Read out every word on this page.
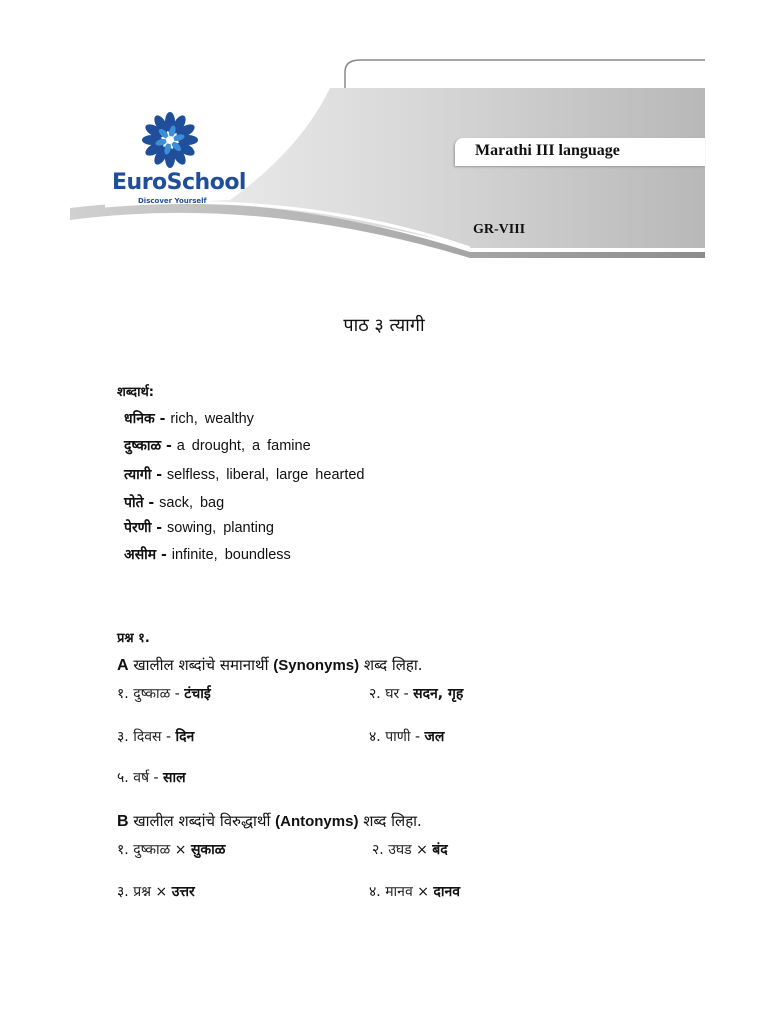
EuroSchool
Discover Yourself
Marathi III language
GR-VIII
पाठ ३ त्यागी
शब्दार्थ:
धनिक - rich, wealthy
दुष्काळ - a drought, a famine
त्यागी - selfless, liberal, large hearted
पोते - sack, bag
पेरणी - sowing, planting
असीम - infinite, boundless
प्रश्न १.
A खालील शब्दांचे समानार्थी (Synonyms) शब्द लिहा.
१. दुष्काळ - टंचाई	२. घर - सदन, गृह
३. दिवस - दिन	४. पाणी - जल
५. वर्ष - साल
B खालील शब्दांचे विरुद्धार्थी (Antonyms) शब्द लिहा.
१. दुष्काळ × सुकाळ	२. उघड × बंद
३. प्रश्न × उत्तर	४. मानव × दानव
